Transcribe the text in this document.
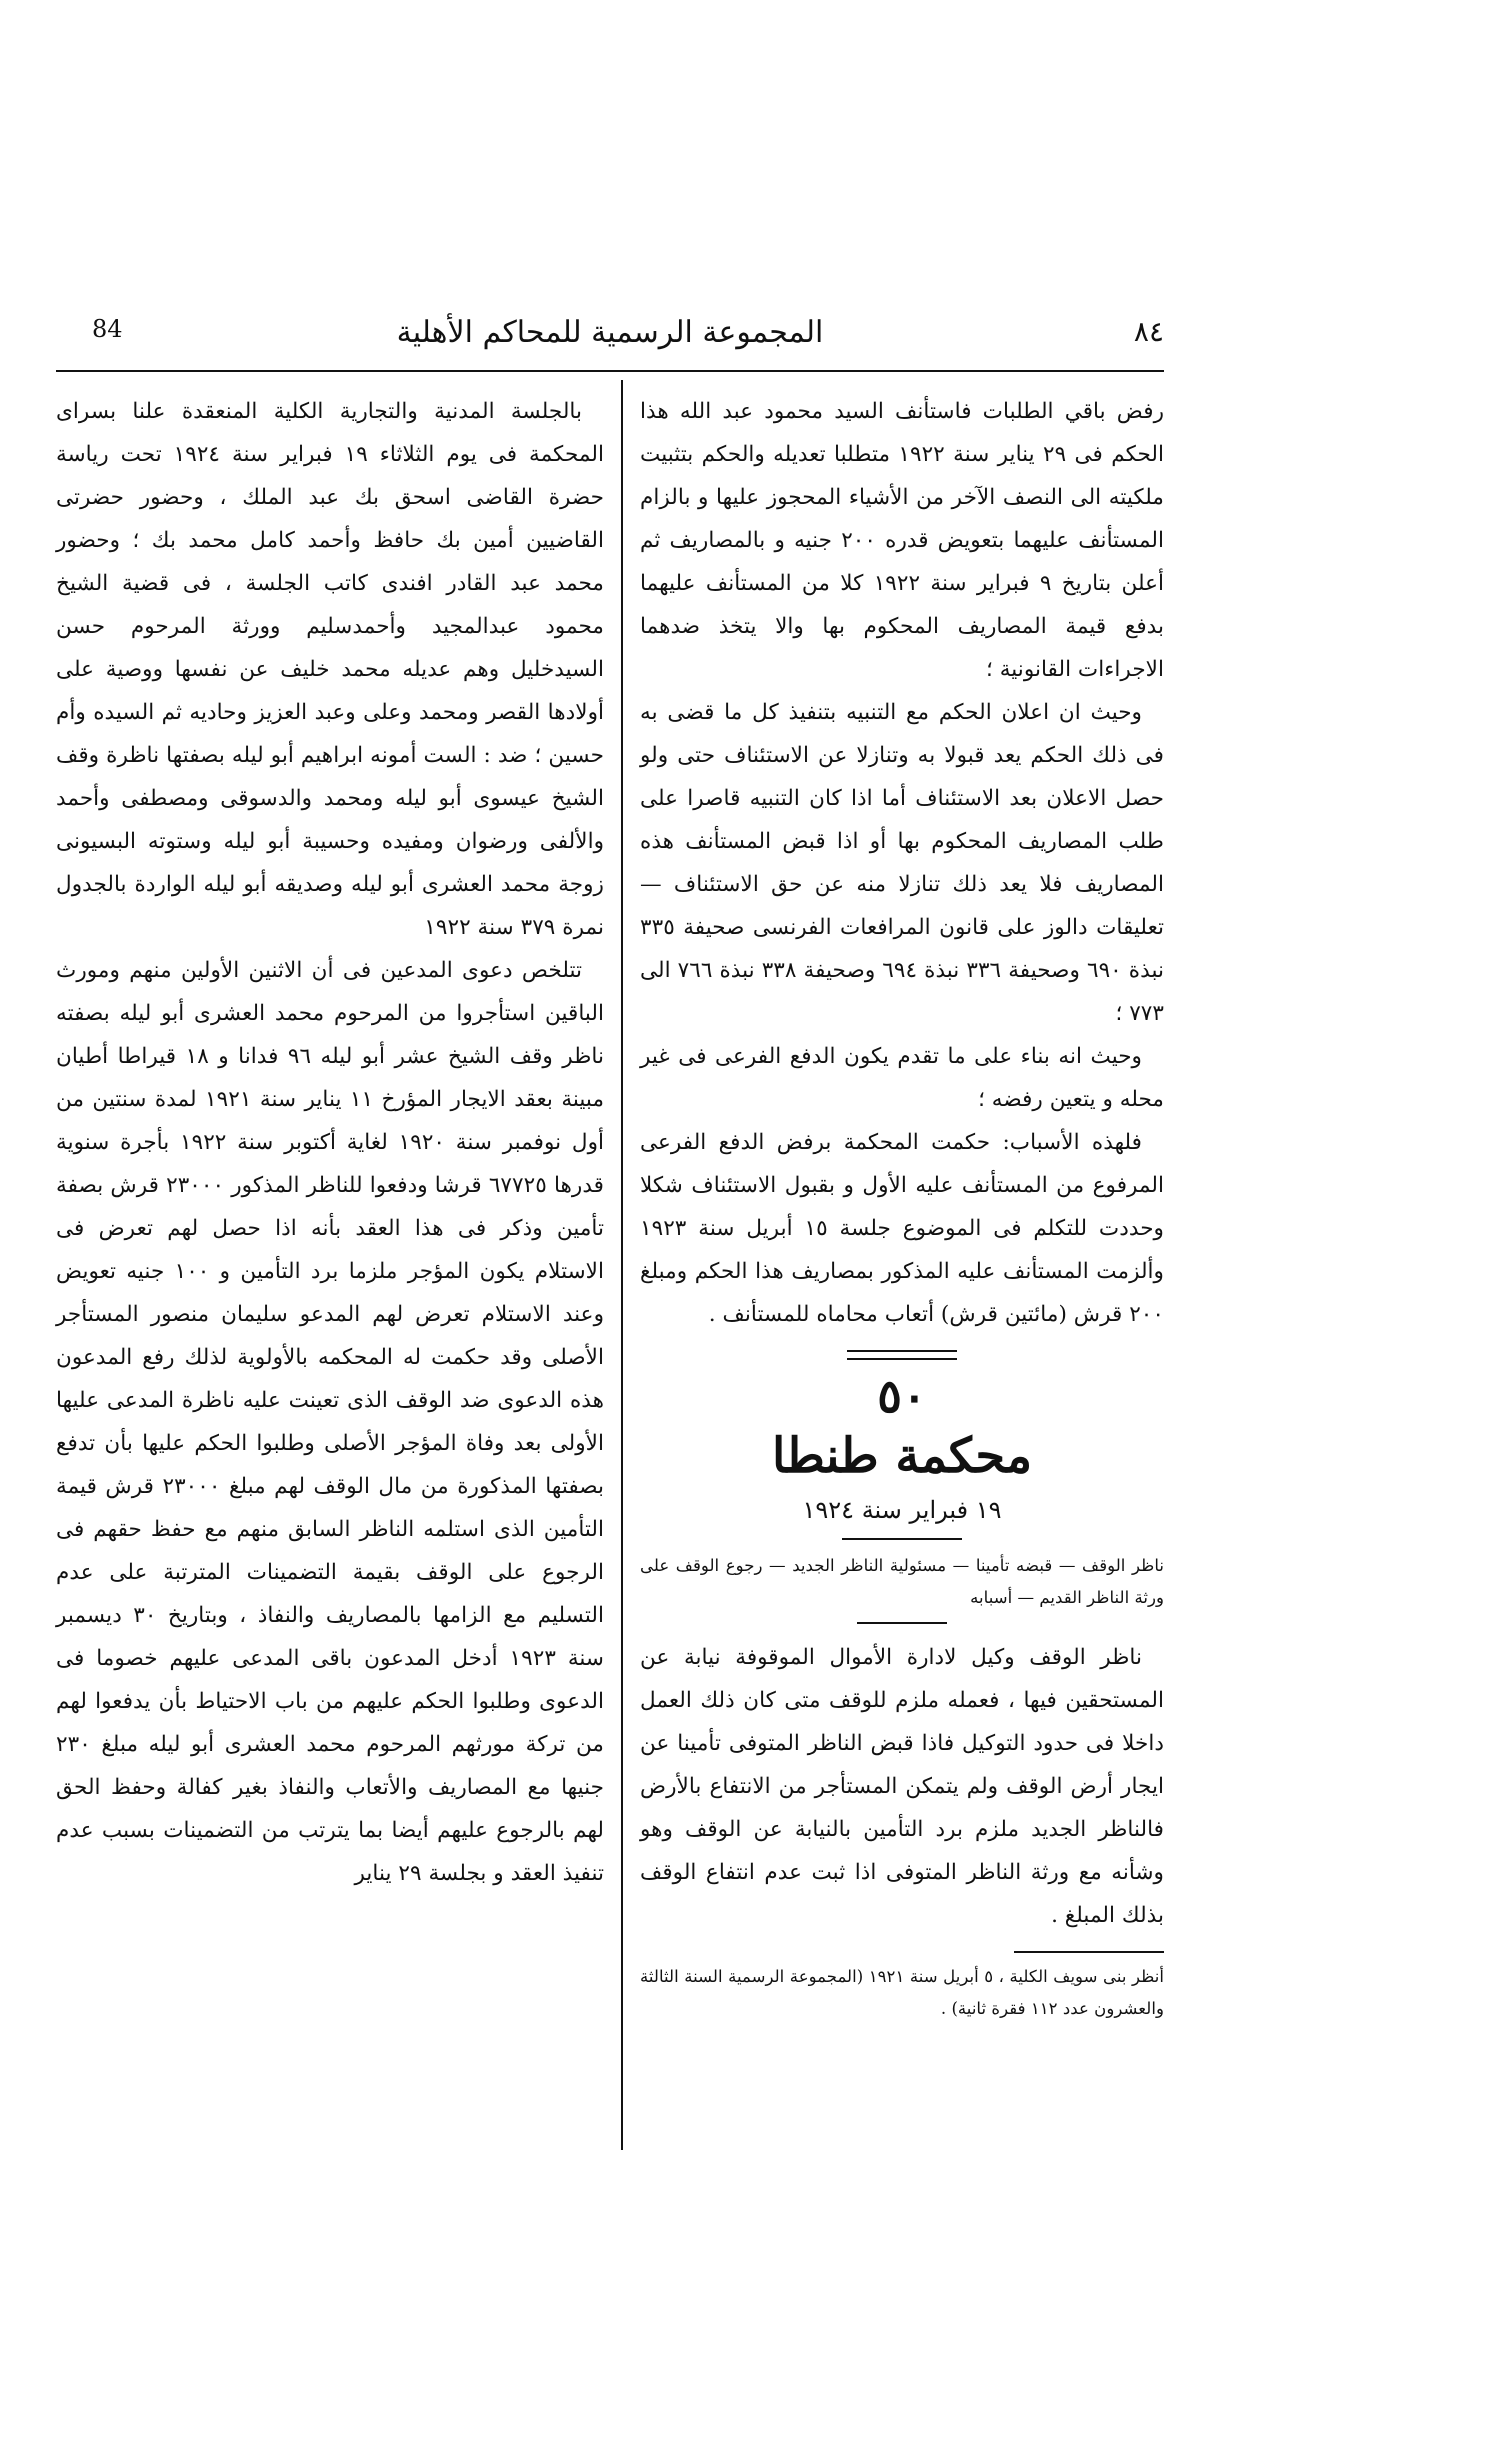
84	المجموعة الرسمية للمحاكم الأهلية	٨٤

رفض باقي الطلبات فاستأنف السيد محمود عبد الله هذا الحكم فى ٢٩ يناير سنة ١٩٢٢ متطلبا تعديله والحكم بتثبيت ملكيته الى النصف الآخر من الأشياء المحجوز عليها و بالزام المستأنف عليهما بتعويض قدره ٢٠٠ جنيه و بالمصاريف ثم أعلن بتاريخ ٩ فبراير سنة ١٩٢٢ كلا من المستأنف عليهما بدفع قيمة المصاريف المحكوم بها والا يتخذ ضدهما الاجراءات القانونية ؛

وحيث ان اعلان الحكم مع التنبيه بتنفيذ كل ما قضى به فى ذلك الحكم يعد قبولا به وتنازلا عن الاستئناف حتى ولو حصل الاعلان بعد الاستئناف أما اذا كان التنبيه قاصرا على طلب المصاريف المحكوم بها أو اذا قبض المستأنف هذه المصاريف فلا يعد ذلك تنازلا منه عن حق الاستئناف — تعليقات دالوز على قانون المرافعات الفرنسى صحيفة ٣٣٥ نبذة ٦٩٠ وصحيفة ٣٣٦ نبذة ٦٩٤ وصحيفة ٣٣٨ نبذة ٧٦٦ الى ٧٧٣ ؛

وحيث انه بناء على ما تقدم يكون الدفع الفرعى فى غير محله و يتعين رفضه ؛

فلهذه الأسباب: حكمت المحكمة برفض الدفع الفرعى المرفوع من المستأنف عليه الأول و بقبول الاستئناف شكلا وحددت للتكلم فى الموضوع جلسة ١٥ أبريل سنة ١٩٢٣ وألزمت المستأنف عليه المذكور بمصاريف هذا الحكم ومبلغ ٢٠٠ قرش (مائتين قرش) أتعاب محاماه للمستأنف .

٥٠
محكمة طنطا
١٩ فبراير سنة ١٩٢٤

ناظر الوقف — قبضه تأمينا — مسئولية الناظر الجديد — رجوع الوقف على ورثة الناظر القديم — أسبابه

ناظر الوقف وكيل لادارة الأموال الموقوفة نيابة عن المستحقين فيها ، فعمله ملزم للوقف متى كان ذلك العمل داخلا فى حدود التوكيل فاذا قبض الناظر المتوفى تأمينا عن ايجار أرض الوقف ولم يتمكن المستأجر من الانتفاع بالأرض فالناظر الجديد ملزم برد التأمين بالنيابة عن الوقف وهو وشأنه مع ورثة الناظر المتوفى اذا ثبت عدم انتفاع الوقف بذلك المبلغ .

أنظر بنى سويف الكلية ، ٥ أبريل سنة ١٩٢١ (المجموعة الرسمية السنة الثالثة والعشرون عدد ١١٢ فقرة ثانية) .

بالجلسة المدنية والتجارية الكلية المنعقدة علنا بسراى المحكمة فى يوم الثلاثاء ١٩ فبراير سنة ١٩٢٤ تحت رياسة حضرة القاضى اسحق بك عبد الملك ، وحضور حضرتى القاضيين أمين بك حافظ وأحمد كامل محمد بك ؛ وحضور محمد عبد القادر افندى كاتب الجلسة ، فى قضية الشيخ محمود عبدالمجيد وأحمدسليم وورثة المرحوم حسن السيدخليل وهم عديله محمد خليف عن نفسها ووصية على أولادها القصر ومحمد وعلى وعبد العزيز وحاديه ثم السيده وأم حسين ؛ ضد : الست أمونه ابراهيم أبو ليله بصفتها ناظرة وقف الشيخ عيسوى أبو ليله ومحمد والدسوقى ومصطفى وأحمد والألفى ورضوان ومفيده وحسيبة أبو ليله وستوته البسيونى زوجة محمد العشرى أبو ليله وصديقه أبو ليله الواردة بالجدول نمرة ٣٧٩ سنة ١٩٢٢

تتلخص دعوى المدعين فى أن الاثنين الأولين منهم ومورث الباقين استأجروا من المرحوم محمد العشرى أبو ليله بصفته ناظر وقف الشيخ عشر أبو ليله ٩٦ فدانا و ١٨ قيراطا أطيان مبينة بعقد الايجار المؤرخ ١١ يناير سنة ١٩٢١ لمدة سنتين من أول نوفمبر سنة ١٩٢٠ لغاية أكتوبر سنة ١٩٢٢ بأجرة سنوية قدرها ٦٧٧٢٥ قرشا ودفعوا للناظر المذكور ٢٣٠٠٠ قرش بصفة تأمين وذكر فى هذا العقد بأنه اذا حصل لهم تعرض فى الاستلام يكون المؤجر ملزما برد التأمين و ١٠٠ جنيه تعويض وعند الاستلام تعرض لهم المدعو سليمان منصور المستأجر الأصلى وقد حكمت له المحكمه بالأولوية لذلك رفع المدعون هذه الدعوى ضد الوقف الذى تعينت عليه ناظرة المدعى عليها الأولى بعد وفاة المؤجر الأصلى وطلبوا الحكم عليها بأن تدفع بصفتها المذكورة من مال الوقف لهم مبلغ ٢٣٠٠٠ قرش قيمة التأمين الذى استلمه الناظر السابق منهم مع حفظ حقهم فى الرجوع على الوقف بقيمة التضمينات المترتبة على عدم التسليم مع الزامها بالمصاريف والنفاذ ، وبتاريخ ٣٠ ديسمبر سنة ١٩٢٣ أدخل المدعون باقى المدعى عليهم خصوما فى الدعوى وطلبوا الحكم عليهم من باب الاحتياط بأن يدفعوا لهم من تركة مورثهم المرحوم محمد العشرى أبو ليله مبلغ ٢٣٠ جنيها مع المصاريف والأتعاب والنفاذ بغير كفالة وحفظ الحق لهم بالرجوع عليهم أيضا بما يترتب من التضمينات بسبب عدم تنفيذ العقد و بجلسة ٢٩ يناير
